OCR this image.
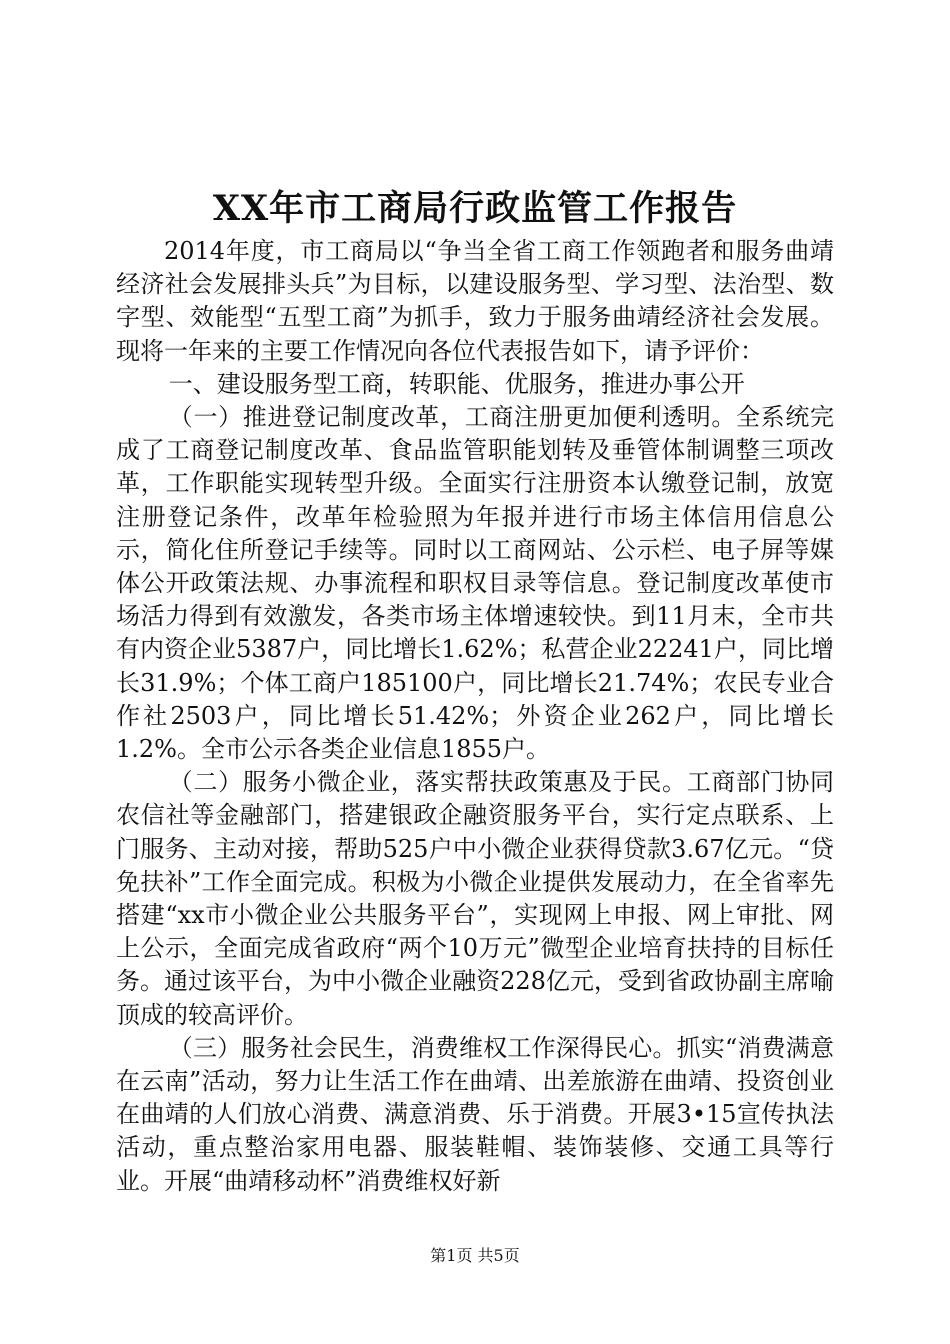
XX年市工商局行政监管工作报告

2014年度，市工商局以“争当全省工商工作领跑者和服务曲靖经济社会发展排头兵”为目标，以建设服务型、学习型、法治型、数字型、效能型“五型工商”为抓手，致力于服务曲靖经济社会发展。现将一年来的主要工作情况向各位代表报告如下，请予评价：

一、建设服务型工商，转职能、优服务，推进办事公开

（一）推进登记制度改革，工商注册更加便利透明。全系统完成了工商登记制度改革、食品监管职能划转及垂管体制调整三项改革，工作职能实现转型升级。全面实行注册资本认缴登记制，放宽注册登记条件，改革年检验照为年报并进行市场主体信用信息公示，简化住所登记手续等。同时以工商网站、公示栏、电子屏等媒体公开政策法规、办事流程和职权目录等信息。登记制度改革使市场活力得到有效激发，各类市场主体增速较快。到11月末，全市共有内资企业5387户，同比增长1.62%；私营企业22241户，同比增长31.9%；个体工商户185100户，同比增长21.74%；农民专业合作社2503户，同比增长51.42%；外资企业262户，同比增长1.2%。全市公示各类企业信息1855户。

（二）服务小微企业，落实帮扶政策惠及于民。工商部门协同农信社等金融部门，搭建银政企融资服务平台，实行定点联系、上门服务、主动对接，帮助525户中小微企业获得贷款3.67亿元。“贷免扶补”工作全面完成。积极为小微企业提供发展动力，在全省率先搭建“xx市小微企业公共服务平台”，实现网上申报、网上审批、网上公示，全面完成省政府“两个10万元”微型企业培育扶持的目标任务。通过该平台，为中小微企业融资228亿元，受到省政协副主席喻顶成的较高评价。

（三）服务社会民生，消费维权工作深得民心。抓实“消费满意在云南”活动，努力让生活工作在曲靖、出差旅游在曲靖、投资创业在曲靖的人们放心消费、满意消费、乐于消费。开展3•15宣传执法活动，重点整治家用电器、服装鞋帽、装饰装修、交通工具等行业。开展“曲靖移动杯”消费维权好新

第1页 共5页
